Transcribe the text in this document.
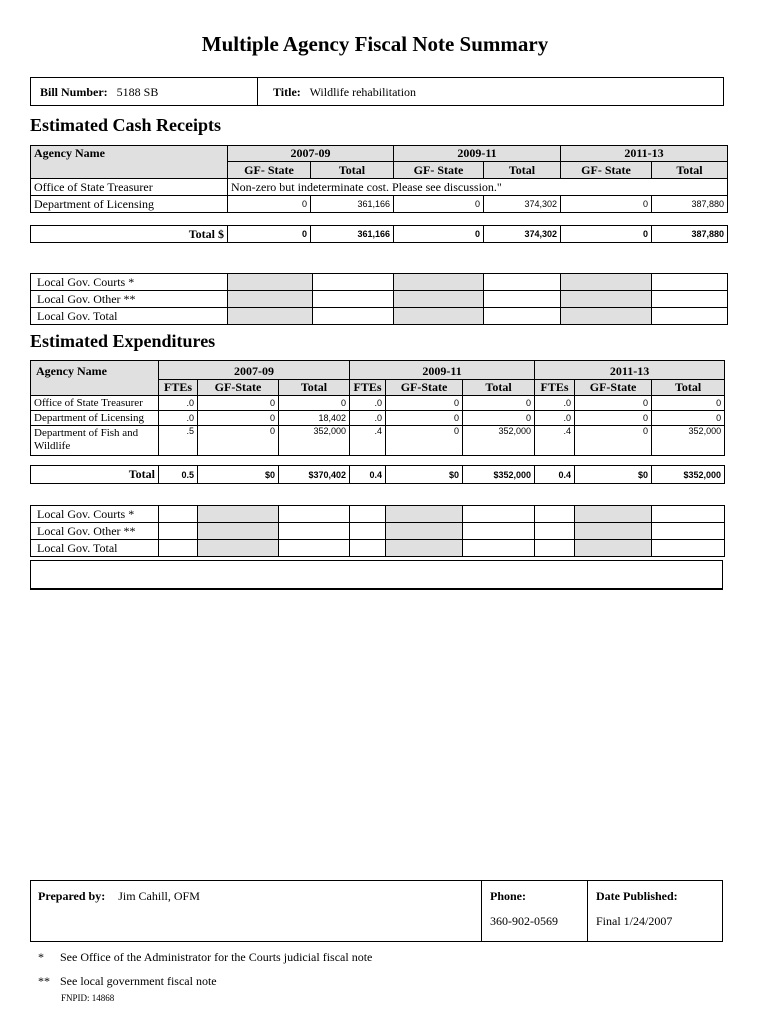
Multiple Agency Fiscal Note Summary
Bill Number: 5188 SB	Title: Wildlife rehabilitation
Estimated Cash Receipts
Agency Name	2007-09		2009-11		2011-13	
	GF- State	Total	GF- State	Total	GF- State	Total
Office of State Treasurer	Non-zero but indeterminate cost. Please see discussion."					
Department of Licensing	0	361,166	0	374,302	0	387,880
Total $	0	361,166	0	374,302	0	387,880
Local Gov. Courts *						
Local Gov. Other **						
Local Gov. Total						
Estimated Expenditures
Agency Name	2007-09			2009-11			2011-13		
	FTEs	GF-State	Total	FTEs	GF-State	Total	FTEs	GF-State	Total
Office of State Treasurer	.0	0	0	.0	0	0	.0	0	0
Department of Licensing	.0	0	18,402	.0	0	0	.0	0	0

Department of Fish and
Wildlife	.5	0	352,000	.4	0	352,000	.4	0	352,000
Total	0.5	$0	$370,402	0.4	$0	$352,000	0.4	$0	$352,000
Local Gov. Courts *									
Local Gov. Other **									
Local Gov. Total									
Prepared by: Jim Cahill, OFM	Phone:
360-902-0569
Date Published:
Final 1/24/2007
* See Office of the Administrator for the Courts judicial fiscal note
** See local government fiscal note
FNPID: 14868
